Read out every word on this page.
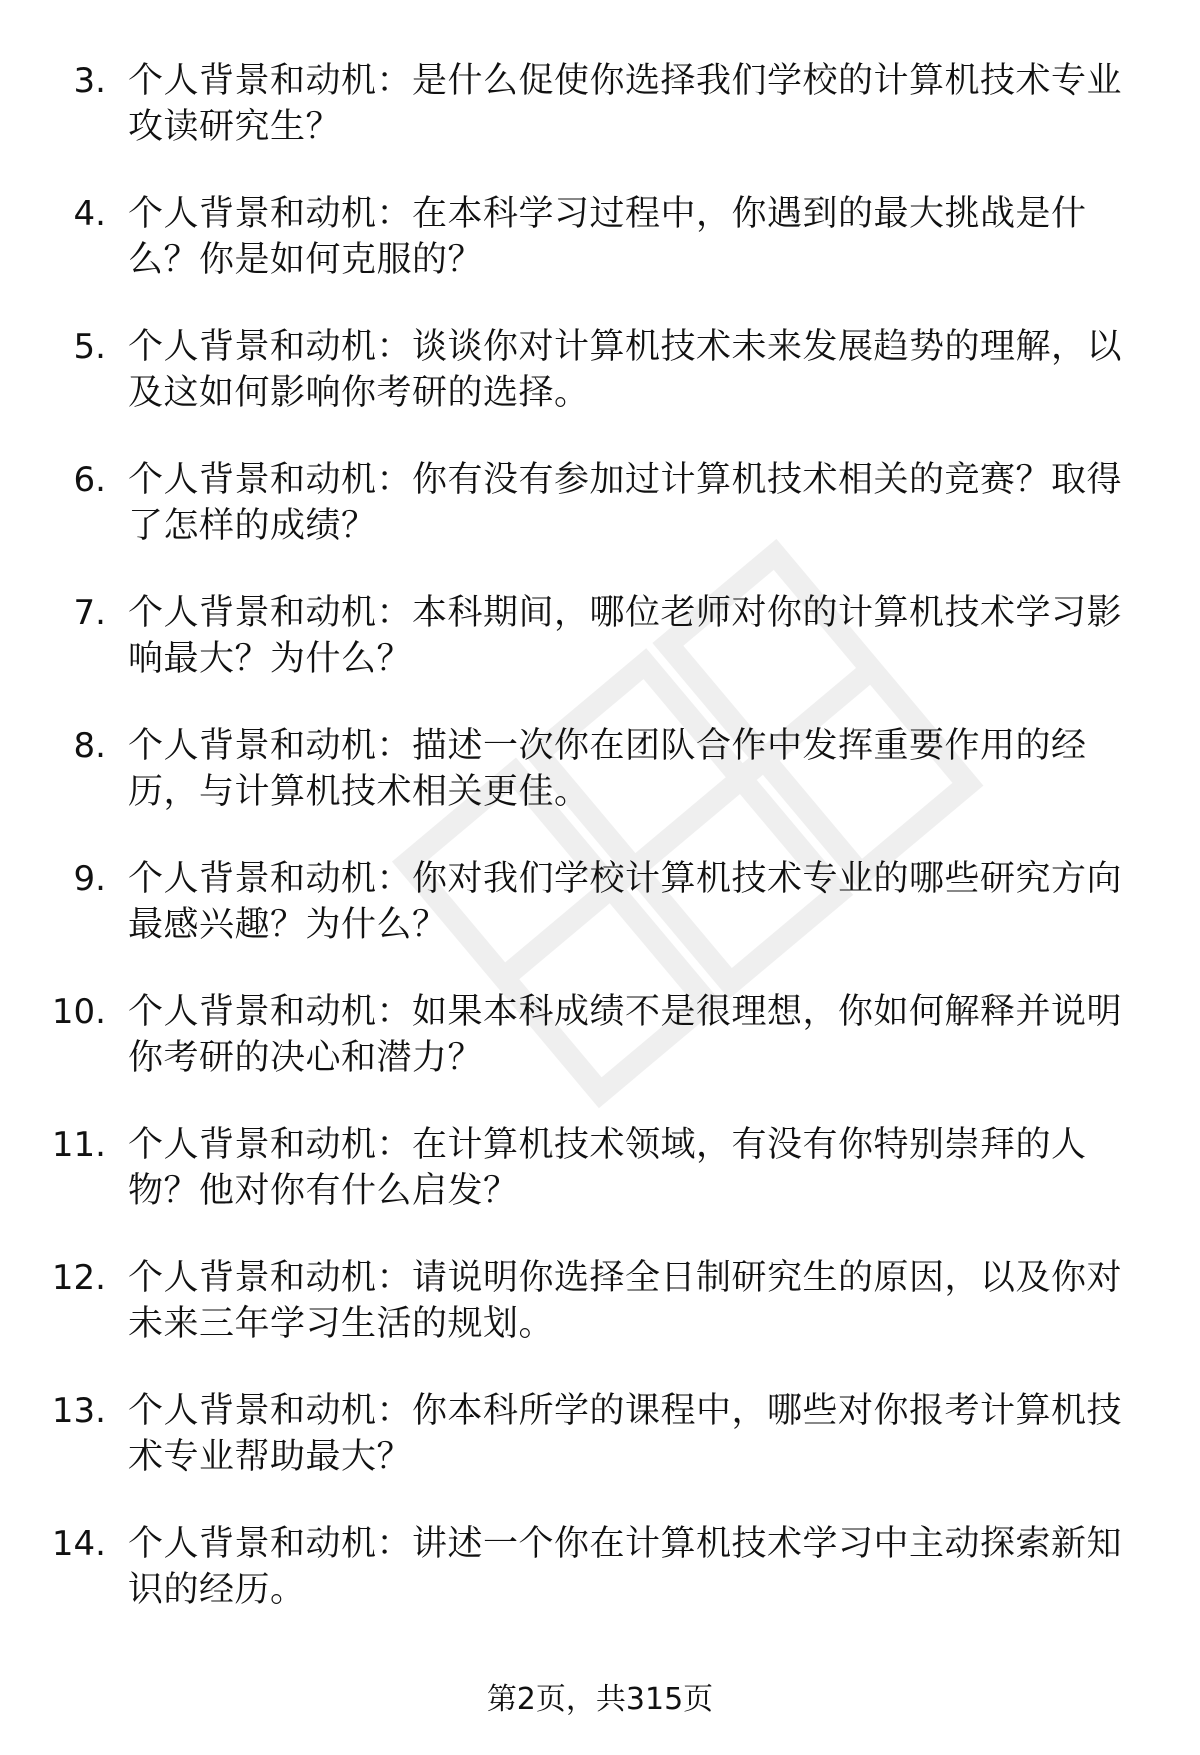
3. 个人背景和动机：是什么促使你选择我们学校的计算机技术专业攻读研究生？
4. 个人背景和动机：在本科学习过程中，你遇到的最大挑战是什么？你是如何克服的？
5. 个人背景和动机：谈谈你对计算机技术未来发展趋势的理解，以及这如何影响你考研的选择。
6. 个人背景和动机：你有没有参加过计算机技术相关的竞赛？取得了怎样的成绩？
7. 个人背景和动机：本科期间，哪位老师对你的计算机技术学习影响最大？为什么？
8. 个人背景和动机：描述一次你在团队合作中发挥重要作用的经历，与计算机技术相关更佳。
9. 个人背景和动机：你对我们学校计算机技术专业的哪些研究方向最感兴趣？为什么？
10. 个人背景和动机：如果本科成绩不是很理想，你如何解释并说明你考研的决心和潜力？
11. 个人背景和动机：在计算机技术领域，有没有你特别崇拜的人物？他对你有什么启发？
12. 个人背景和动机：请说明你选择全日制研究生的原因，以及你对未来三年学习生活的规划。
13. 个人背景和动机：你本科所学的课程中，哪些对你报考计算机技术专业帮助最大？
14. 个人背景和动机：讲述一个你在计算机技术学习中主动探索新知识的经历。
第2页，共315页
